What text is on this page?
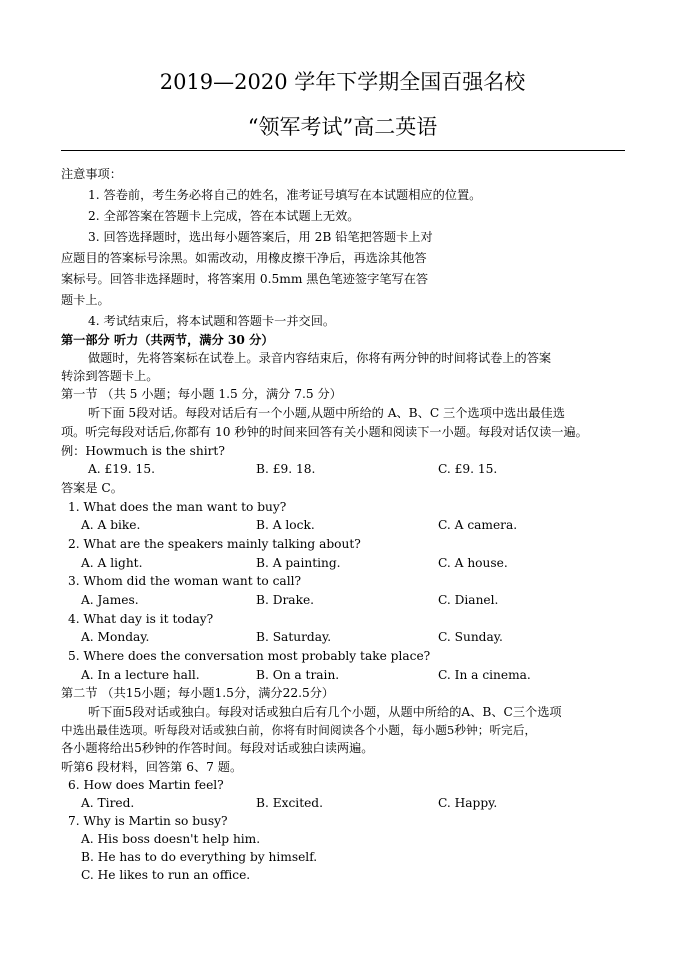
2019—2020 学年下学期全国百强名校
“领军考试”高二英语
注意事项：
1. 答卷前，考生务必将自己的姓名，准考证号填写在本试题相应的位置。
2. 全部答案在答题卡上完成，答在本试题上无效。
3. 回答选择题时，选出每小题答案后，用 2B 铅笔把答题卡上对
应题目的答案标号涂黑。如需改动，用橡皮擦干净后，再选涂其他答
案标号。回答非选择题时，将答案用 0.5mm 黑色笔迹签字笔写在答
题卡上。
4. 考试结束后，将本试题和答题卡一并交回。
第一部分 听力（共两节，满分 30 分）
做题时，先将答案标在试卷上。录音内容结束后，你将有两分钟的时间将试卷上的答案
转涂到答题卡上。
第一节 （共 5 小题；每小题 1.5 分，满分 7.5 分）
听下面 5段对话。每段对话后有一个小题,从题中所给的 A、B、C 三个选项中选出最佳选
项。听完每段对话后,你都有 10 秒钟的时间来回答有关小题和阅读下一小题。每段对话仅读一遍。
例：Howmuch is the shirt?
A. £19. 15.	B. £9. 18.	C. £9. 15.
答案是 C。
1. What does the man want to buy?
A. A bike.	B. A lock.	C. A camera.
2. What are the speakers mainly talking about?
A. A light.	B. A painting.	C. A house.
3. Whom did the woman want to call?
A. James.	B. Drake.	C. Dianel.
4. What day is it today?
A. Monday.	B. Saturday.	C. Sunday.
5. Where does the conversation most probably take place?
A. In a lecture hall.	B. On a train.	C. In a cinema.
第二节 （共15小题；每小题1.5分，满分22.5分）
听下面5段对话或独白。每段对话或独白后有几个小题，从题中所给的A、B、C三个选项
中选出最佳选项。听每段对话或独白前，你将有时间阅读各个小题，每小题5秒钟；听完后，
各小题将给出5秒钟的作答时间。每段对话或独白读两遍。
听第6 段材料，回答第 6、7 题。
6. How does Martin feel?
A. Tired.	B. Excited.	C. Happy.
7. Why is Martin so busy?
A. His boss doesn't help him.
B. He has to do everything by himself.
C. He likes to run an office.
